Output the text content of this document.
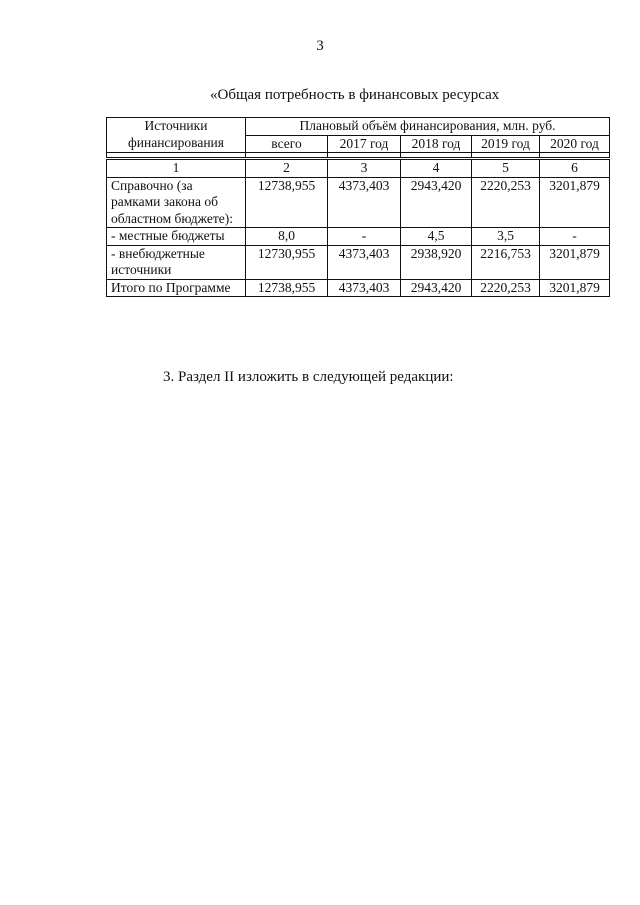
3
«Общая потребность в финансовых ресурсах
Источники финансирования	Плановый объём финансирования, млн. руб.				
	всего	2017 год	2018 год	2019 год	2020 год

1	2	3	4	5	6
Справочно (за рамками закона об областном бюджете):	12738,955	4373,403	2943,420	2220,253	3201,879
- местные бюджеты	8,0	-	4,5	3,5	-
- внебюджетные источники	12730,955	4373,403	2938,920	2216,753	3201,879
Итого по Программе	12738,955	4373,403	2943,420	2220,253	3201,879
3. Раздел II изложить в следующей редакции:
